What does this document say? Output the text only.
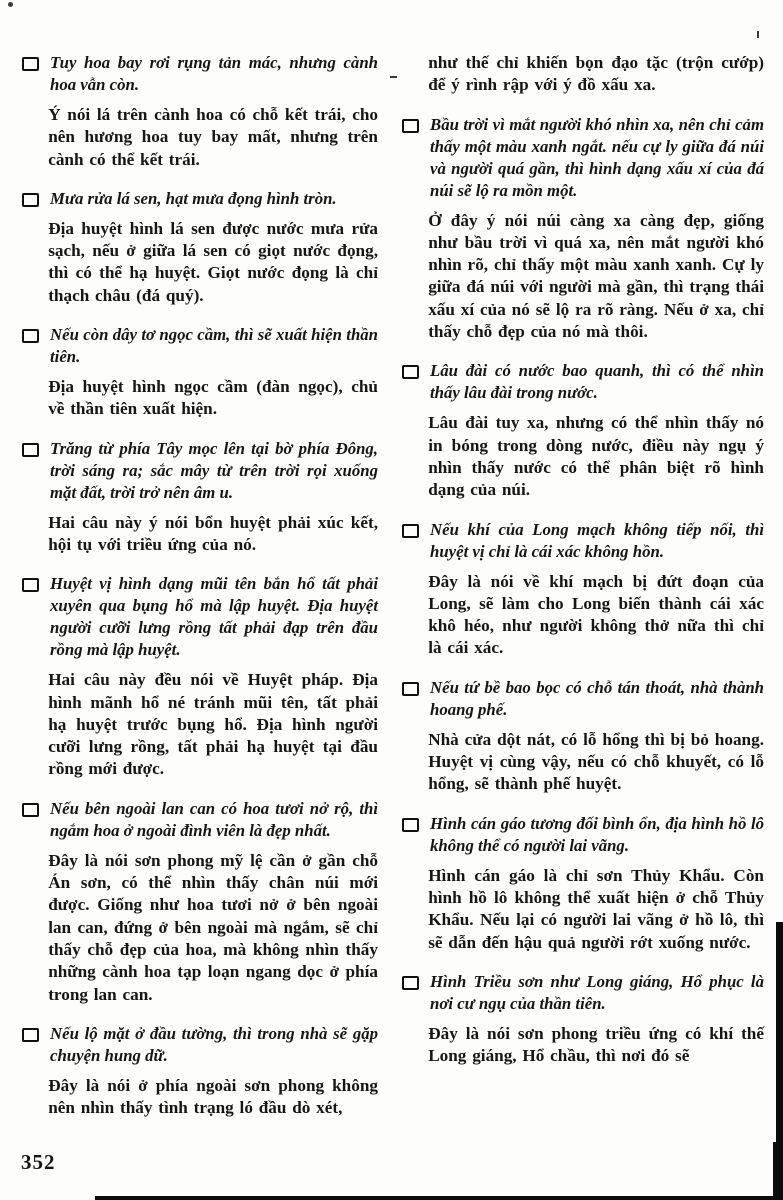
Tuy hoa bay rơi rụng tản mác, nhưng cành hoa vẫn còn.
Ý nói lá trên cành hoa có chỗ kết trái, cho nên hương hoa tuy bay mất, nhưng trên cành có thể kết trái.
Mưa rửa lá sen, hạt mưa đọng hình tròn.
Địa huyệt hình lá sen được nước mưa rửa sạch, nếu ở giữa lá sen có giọt nước đọng, thì có thể hạ huyệt. Giọt nước đọng là chỉ thạch châu (đá quý).
Nếu còn dây tơ ngọc cầm, thì sẽ xuất hiện thần tiên.
Địa huyệt hình ngọc cầm (đàn ngọc), chủ về thần tiên xuất hiện.
Trăng từ phía Tây mọc lên tại bờ phía Đông, trời sáng ra; sắc mây từ trên trời rọi xuống mặt đất, trời trở nên âm u.
Hai câu này ý nói bổn huyệt phải xúc kết, hội tụ với triều ứng của nó.
Huyệt vị hình dạng mũi tên bắn hổ tất phải xuyên qua bụng hổ mà lập huyệt. Địa huyệt người cưỡi lưng rồng tất phải đạp trên đầu rồng mà lập huyệt.
Hai câu này đều nói về Huyệt pháp. Địa hình mãnh hổ né tránh mũi tên, tất phải hạ huyệt trước bụng hổ. Địa hình người cưỡi lưng rồng, tất phải hạ huyệt tại đầu rồng mới được.
Nếu bên ngoài lan can có hoa tươi nở rộ, thì ngắm hoa ở ngoài đình viên là đẹp nhất.
Đây là nói sơn phong mỹ lệ cần ở gần chỗ Án sơn, có thể nhìn thấy chân núi mới được. Giống như hoa tươi nở ở bên ngoài lan can, đứng ở bên ngoài mà ngắm, sẽ chỉ thấy chỗ đẹp của hoa, mà không nhìn thấy những cành hoa tạp loạn ngang dọc ở phía trong lan can.
Nếu lộ mặt ở đầu tường, thì trong nhà sẽ gặp chuyện hung dữ.
Đây là nói ở phía ngoài sơn phong không nên nhìn thấy tình trạng ló đầu dò xét,
như thế chỉ khiến bọn đạo tặc (trộn cướp) để ý rình rập với ý đồ xấu xa.
Bầu trời vì mắt người khó nhìn xa, nên chỉ cảm thấy một màu xanh ngắt. nếu cự ly giữa đá núi và người quá gần, thì hình dạng xấu xí của đá núi sẽ lộ ra mồn một.
Ở đây ý nói núi càng xa càng đẹp, giống như bầu trời vì quá xa, nên mắt người khó nhìn rõ, chỉ thấy một màu xanh xanh. Cự ly giữa đá núi với người mà gần, thì trạng thái xấu xí của nó sẽ lộ ra rõ ràng. Nếu ở xa, chỉ thấy chỗ đẹp của nó mà thôi.
Lâu đài có nước bao quanh, thì có thể nhìn thấy lâu đài trong nước.
Lâu đài tuy xa, nhưng có thể nhìn thấy nó in bóng trong dòng nước, điều này ngụ ý nhìn thấy nước có thể phân biệt rõ hình dạng của núi.
Nếu khí của Long mạch không tiếp nối, thì huyệt vị chỉ là cái xác không hồn.
Đây là nói về khí mạch bị đứt đoạn của Long, sẽ làm cho Long biến thành cái xác khô héo, như người không thở nữa thì chỉ là cái xác.
Nếu tứ bề bao bọc có chỗ tán thoát, nhà thành hoang phế.
Nhà cửa dột nát, có lỗ hổng thì bị bỏ hoang. Huyệt vị cùng vậy, nếu có chỗ khuyết, có lỗ hổng, sẽ thành phế huyệt.
Hình cán gáo tương đối bình ổn, địa hình hồ lô không thể có người lai vãng.
Hình cán gáo là chỉ sơn Thủy Khẩu. Còn hình hồ lô không thể xuất hiện ở chỗ Thủy Khẩu. Nếu lại có người lai vãng ở hồ lô, thì sẽ dẫn đến hậu quả người rớt xuống nước.
Hình Triều sơn như Long giáng, Hổ phục là nơi cư ngụ của thần tiên.
Đây là nói sơn phong triều ứng có khí thế Long giáng, Hổ chầu, thì nơi đó sẽ
352
